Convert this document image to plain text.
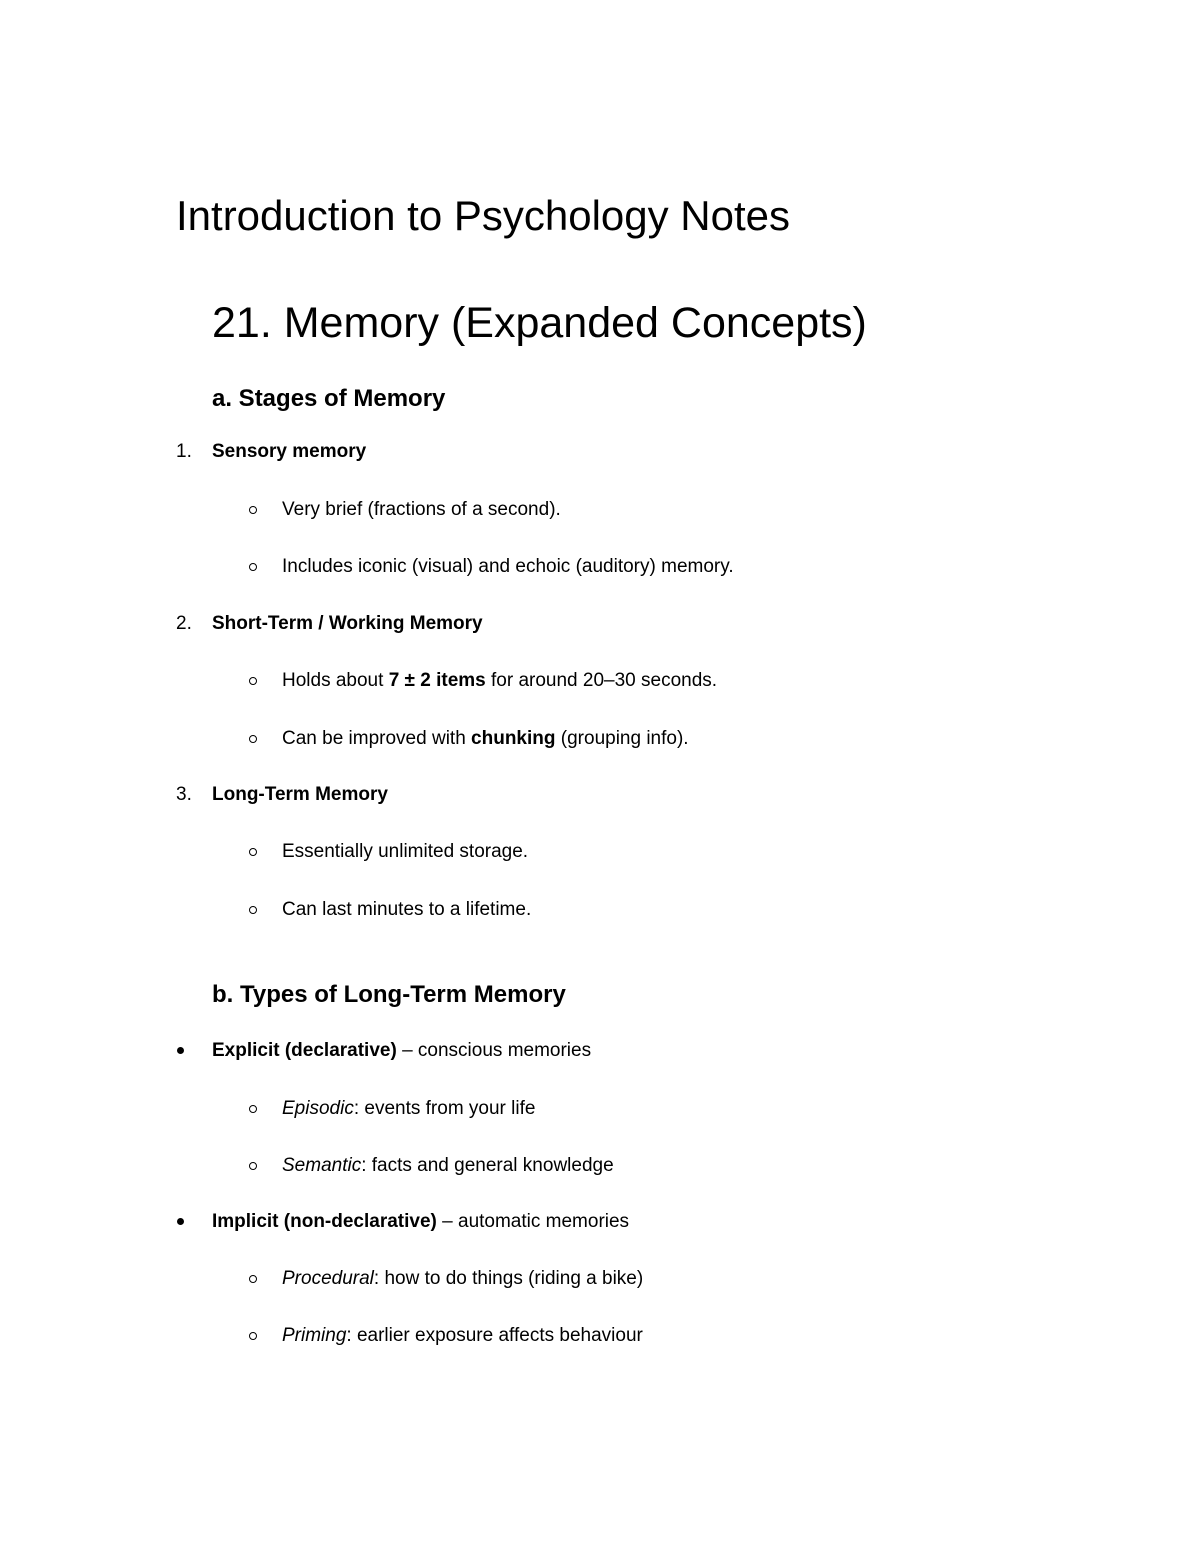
Introduction to Psychology Notes
21. Memory (Expanded Concepts)
a. Stages of Memory
1. Sensory memory
Very brief (fractions of a second).
Includes iconic (visual) and echoic (auditory) memory.
2. Short-Term / Working Memory
Holds about 7 ± 2 items for around 20–30 seconds.
Can be improved with chunking (grouping info).
3. Long-Term Memory
Essentially unlimited storage.
Can last minutes to a lifetime.
b. Types of Long-Term Memory
Explicit (declarative) – conscious memories
Episodic: events from your life
Semantic: facts and general knowledge
Implicit (non-declarative) – automatic memories
Procedural: how to do things (riding a bike)
Priming: earlier exposure affects behaviour
